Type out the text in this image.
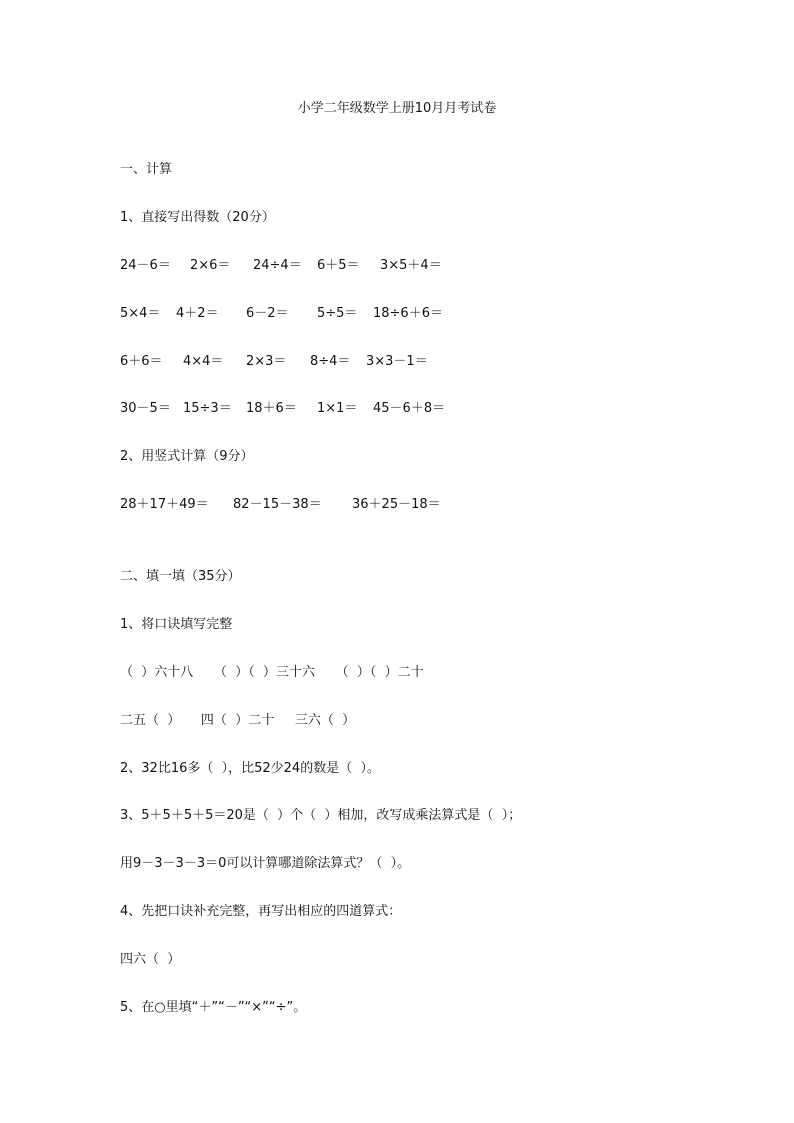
小学二年级数学上册10月月考试卷

一、计算

1、直接写出得数（20分）

24－6＝

2×6＝

24÷4＝

6＋5＝

3×5＋4＝

5×4＝

4＋2＝

6－2＝

5÷5＝

18÷6＋6＝

6＋6＝

4×4＝

2×3＝

8÷4＝

3×3－1＝

30－5＝

15÷3＝

18＋6＝

1×1＝

45－6＋8＝

2、用竖式计算（9分）

28＋17＋49＝

82－15－38＝

36＋25－18＝

二、填一填（35分）

1、将口诀填写完整

（  ）六十八     （  ）（  ）三十六     （  ）（  ）二十

二五（  ）     四（  ）二十     三六（  ）

2、32比16多（  ），比52少24的数是（  ）。

3、5＋5＋5＋5＝20是（  ）个（  ）相加，改写成乘法算式是（  ）；

用9－3－3－3＝0可以计算哪道除法算式？（  ）。

4、先把口诀补充完整，再写出相应的四道算式：

四六（  ）

5、在○里填“＋”“－”“×”“÷”。
